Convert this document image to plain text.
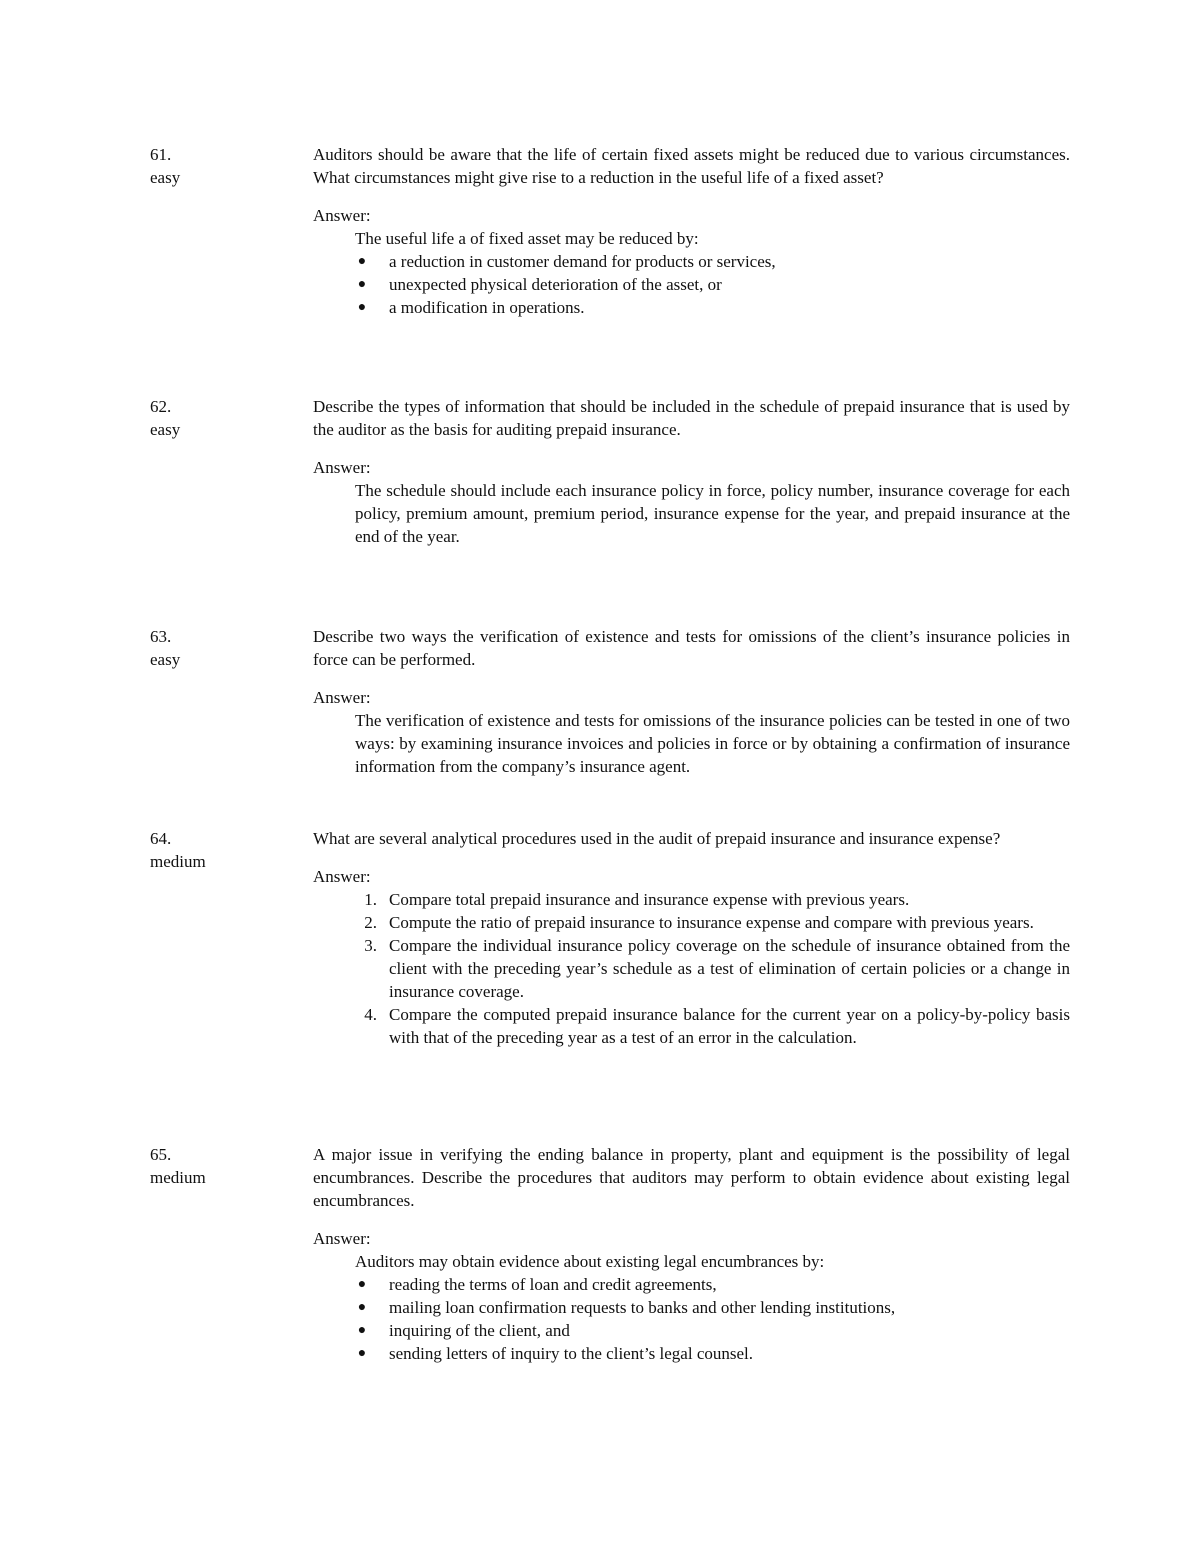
61.
easy

Auditors should be aware that the life of certain fixed assets might be reduced due to various circumstances. What circumstances might give rise to a reduction in the useful life of a fixed asset?

Answer:
The useful life a of fixed asset may be reduced by:
● a reduction in customer demand for products or services,
● unexpected physical deterioration of the asset, or
● a modification in operations.
62.
easy

Describe the types of information that should be included in the schedule of prepaid insurance that is used by the auditor as the basis for auditing prepaid insurance.

Answer:

The schedule should include each insurance policy in force, policy number, insurance coverage for each policy, premium amount, premium period, insurance expense for the year, and prepaid insurance at the end of the year.

63.
easy

Describe two ways the verification of existence and tests for omissions of the client’s insurance policies in force can be performed.

Answer:

The verification of existence and tests for omissions of the insurance policies can be tested in one of two ways: by examining insurance invoices and policies in force or by obtaining a confirmation of insurance information from the company’s insurance agent.

64.
medium

What are several analytical procedures used in the audit of prepaid insurance and insurance expense?

Answer:
1. Compare total prepaid insurance and insurance expense with previous years.
2. Compute the ratio of prepaid insurance to insurance expense and compare with previous years.
3. Compare the individual insurance policy coverage on the schedule of insurance obtained from the client with the preceding year’s schedule as a test of elimination of certain policies or a change in insurance coverage.
4. Compare the computed prepaid insurance balance for the current year on a policy-by-policy basis with that of the preceding year as a test of an error in the calculation.
65.
medium

A major issue in verifying the ending balance in property, plant and equipment is the possibility of legal encumbrances. Describe the procedures that auditors may perform to obtain evidence about existing legal encumbrances.

Answer:
Auditors may obtain evidence about existing legal encumbrances by:
● reading the terms of loan and credit agreements,
● mailing loan confirmation requests to banks and other lending institutions,
● inquiring of the client, and
● sending letters of inquiry to the client’s legal counsel.
